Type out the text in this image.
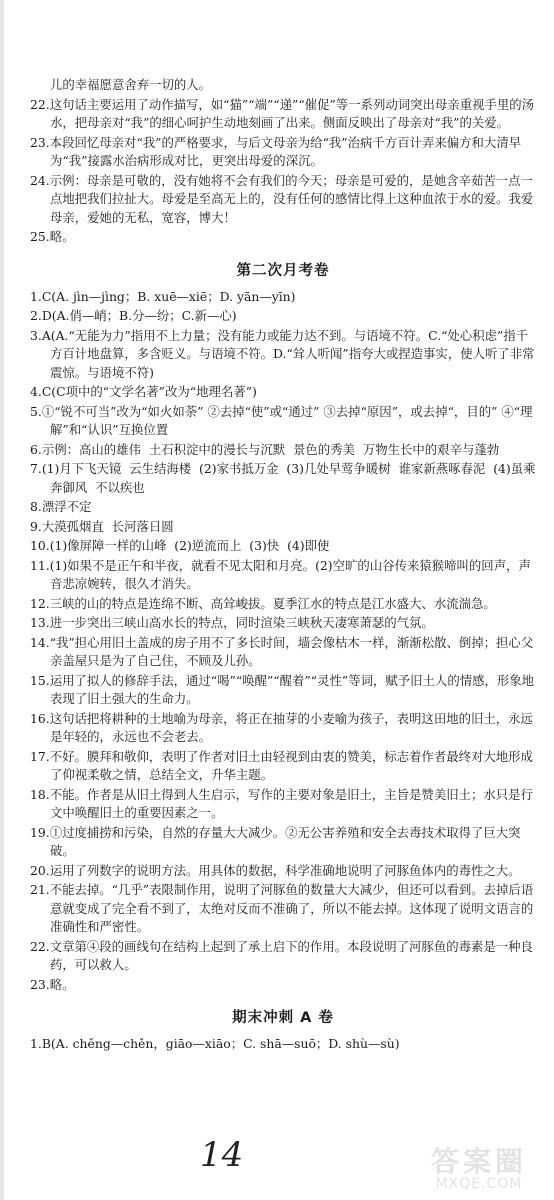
儿的幸福愿意舍弃一切的人。
22.这句话主要运用了动作描写，如“猫”“端”“递”“催促”等一系列动词突出母亲重视手里的汤水，把母亲对“我”的细心呵护生动地刻画了出来。侧面反映出了母亲对“我”的关爱。
23.本段回忆母亲对“我”的严格要求，与后文母亲为给“我”治病千方百计弄来偏方和大清早为“我”接露水治病形成对比，更突出母爱的深沉。
24.示例：母亲是可敬的，没有她将不会有我们的今天；母亲是可爱的，是她含辛茹苦一点一点地把我们拉扯大。母爱是至高无上的，没有任何的感情比得上这种血浓于水的爱。我爱母亲，爱她的无私，宽容，博大！
25.略。
第二次月考卷
1.C(A. jìn—jìng；B. xuē—xiē；D. yān—yīn)
2.D(A.俏—峭；B.分—纷；C.新—心)
3.A(A.“无能为力”指用不上力量；没有能力或能力达不到。与语境不符。C.“处心积虑”指千方百计地盘算，多含贬义。与语境不符。D.“耸人听闻”指夸大或捏造事实，使人听了非常震惊。与语境不符)
4.C(C项中的“文学名著”改为“地理名著”)
5.①“锐不可当”改为“如火如荼” ②去掉“使”或“通过” ③去掉“原因”，或去掉“，目的” ④“理解”和“认识”互换位置
6.示例：高山的雄伟  土石积淀中的漫长与沉默  景色的秀美  万物生长中的艰辛与蓬勃
7.(1)月下飞天镜  云生结海楼  (2)家书抵万金  (3)几处早莺争暖树  谁家新燕啄春泥  (4)虽乘奔御风  不以疾也
8.漂浮不定
9.大漠孤烟直  长河落日圆
10.(1)像屏障一样的山峰  (2)逆流而上  (3)快  (4)即使
11.(1)如果不是正午和半夜，就看不见太阳和月亮。(2)空旷的山谷传来猿猴啼叫的回声，声音悲凉婉转，很久才消失。
12.三峡的山的特点是连绵不断、高耸峻拔。夏季江水的特点是江水盛大、水流湍急。
13.进一步突出三峡山高水长的特点，同时渲染三峡秋天凄寒萧瑟的气氛。
14.“我”担心用旧土盖成的房子用不了多长时间，墙会像枯木一样，渐渐松散、倒掉；担心父亲盖屋只是为了自己住，不顾及儿孙。
15.运用了拟人的修辞手法，通过“喝”“唤醒”“醒着”“灵性”等词，赋予旧土人的情感，形象地表现了旧土强大的生命力。
16.这句话把将耕种的土地喻为母亲，将正在抽芽的小麦喻为孩子，表明这田地的旧土，永远是年轻的，永远也不会老去。
17.不好。膜拜和敬仰，表明了作者对旧土由轻视到由衷的赞美，标志着作者最终对大地形成了仰视柔敬之情，总结全文，升华主题。
18.不能。作者是从旧土得到人生启示，写作的主要对象是旧土，主旨是赞美旧土；水只是行文中唤醒旧土的重要因素之一。
19.①过度捕捞和污染，自然的存量大大减少。②无公害养殖和安全去毒技术取得了巨大突破。
20.运用了列数字的说明方法。用具体的数据，科学准确地说明了河豚鱼体内的毒性之大。
21.不能去掉。“几乎”表限制作用，说明了河豚鱼的数量大大减少，但还可以看到。去掉后语意就变成了完全看不到了，太绝对反而不准确了，所以不能去掉。这体现了说明文语言的准确性和严密性。
22.文章第④段的画线句在结构上起到了承上启下的作用。本段说明了河豚鱼的毒素是一种良药，可以救人。
23.略。
期末冲刺 A 卷
1.B(A. chěng—chěn，giāo—xiāo；C. shā—suō；D. shù—sù)
14	答案圈
MXQE.COM
